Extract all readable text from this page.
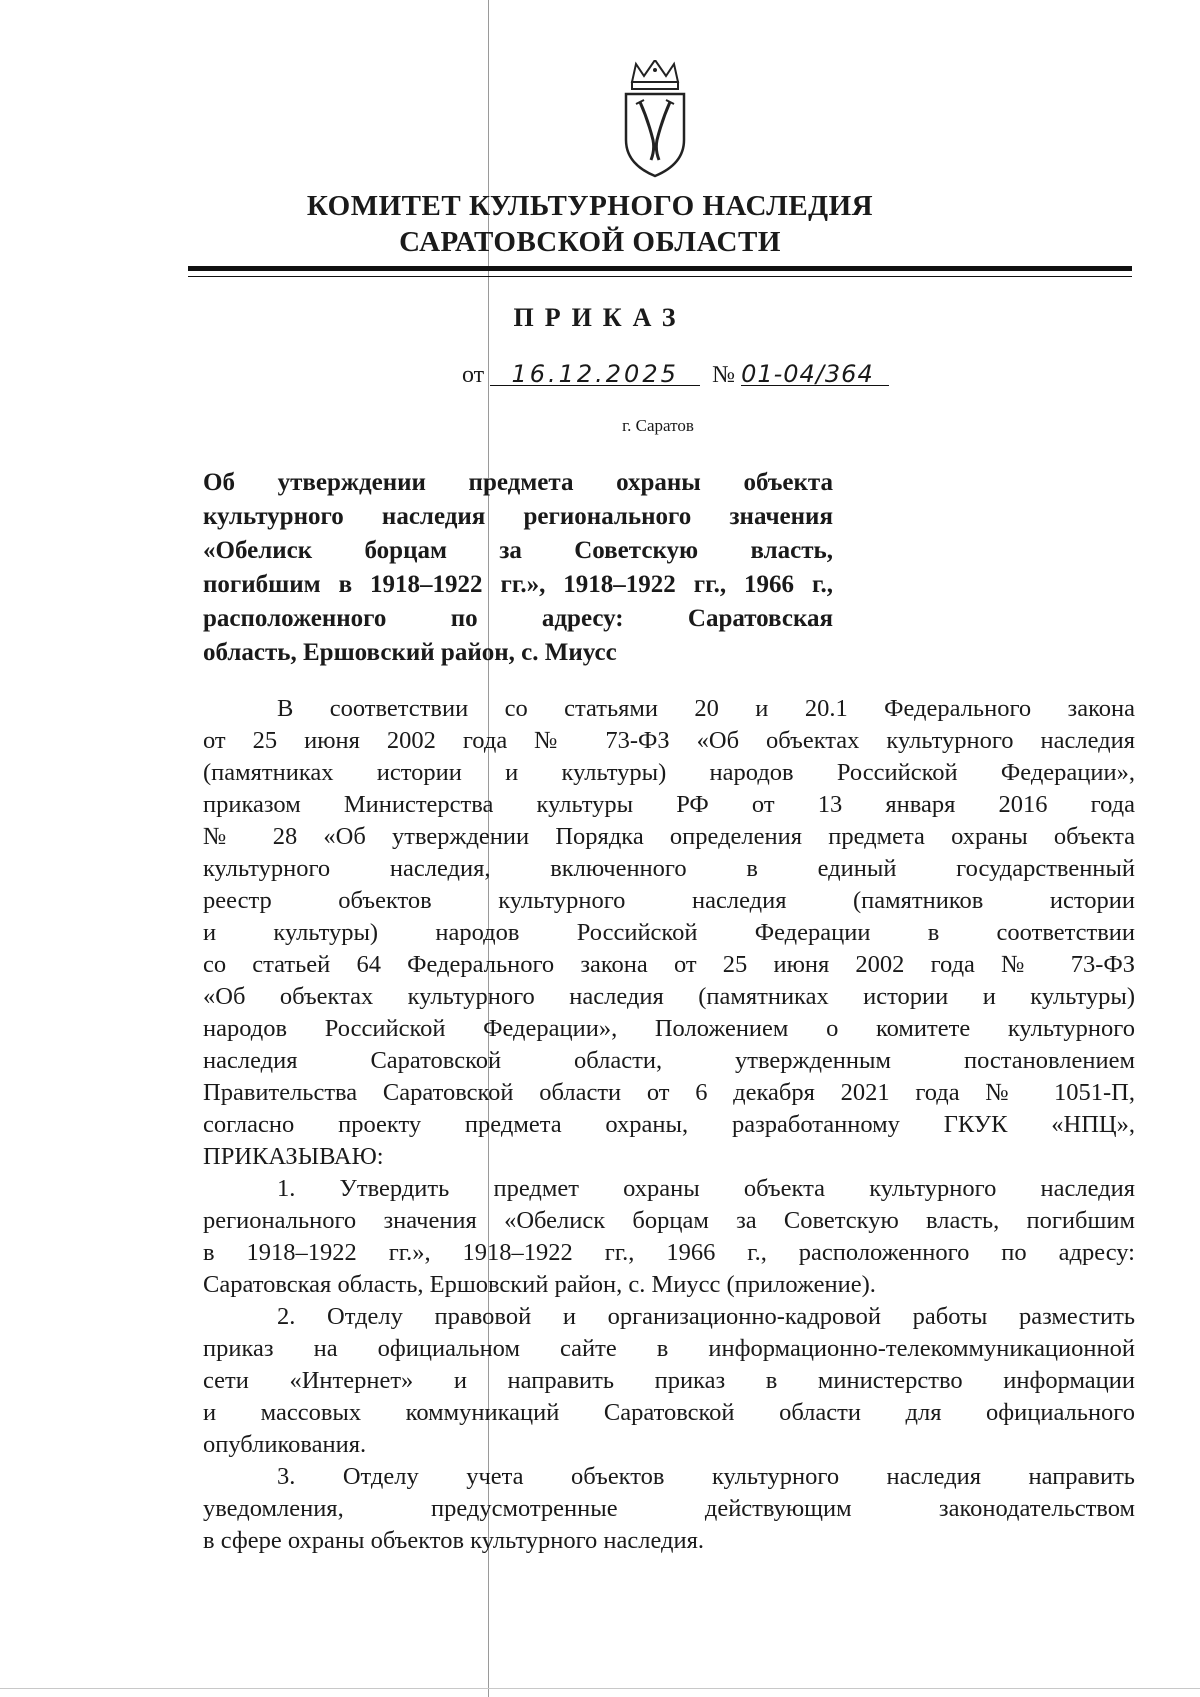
КОМИТЕТ КУЛЬТУРНОГО НАСЛЕДИЯ
САРАТОВСКОЙ ОБЛАСТИ
ПРИКАЗ
от 16.12.2025 № 01-04/364
г. Саратов
Об утверждении предмета охраны объекта
культурного наследия регионального значения
«Обелиск борцам за Советскую власть,
погибшим в 1918–1922 гг.», 1918–1922 гг., 1966 г.,
расположенного по адресу: Саратовская
область, Ершовский район, с. Миусс
В соответствии со статьями 20 и 20.1 Федерального закона
от 25 июня 2002 года № 73-ФЗ «Об объектах культурного наследия
(памятниках истории и культуры) народов Российской Федерации»,
приказом Министерства культуры РФ от 13 января 2016 года
№ 28 «Об утверждении Порядка определения предмета охраны объекта
культурного наследия, включенного в единый государственный
реестр объектов культурного наследия (памятников истории
и культуры) народов Российской Федерации в соответствии
со статьей 64 Федерального закона от 25 июня 2002 года № 73-ФЗ
«Об объектах культурного наследия (памятниках истории и культуры)
народов Российской Федерации», Положением о комитете культурного
наследия Саратовской области, утвержденным постановлением
Правительства Саратовской области от 6 декабря 2021 года № 1051-П,
согласно проекту предмета охраны, разработанному ГКУК «НПЦ»,
ПРИКАЗЫВАЮ:
1. Утвердить предмет охраны объекта культурного наследия
регионального значения «Обелиск борцам за Советскую власть, погибшим
в 1918–1922 гг.», 1918–1922 гг., 1966 г., расположенного по адресу:
Саратовская область, Ершовский район, с. Миусс (приложение).
2. Отделу правовой и организационно-кадровой работы разместить
приказ на официальном сайте в информационно-телекоммуникационной
сети «Интернет» и направить приказ в министерство информации
и массовых коммуникаций Саратовской области для официального
опубликования.
3. Отделу учета объектов культурного наследия направить
уведомления, предусмотренные действующим законодательством
в сфере охраны объектов культурного наследия.
